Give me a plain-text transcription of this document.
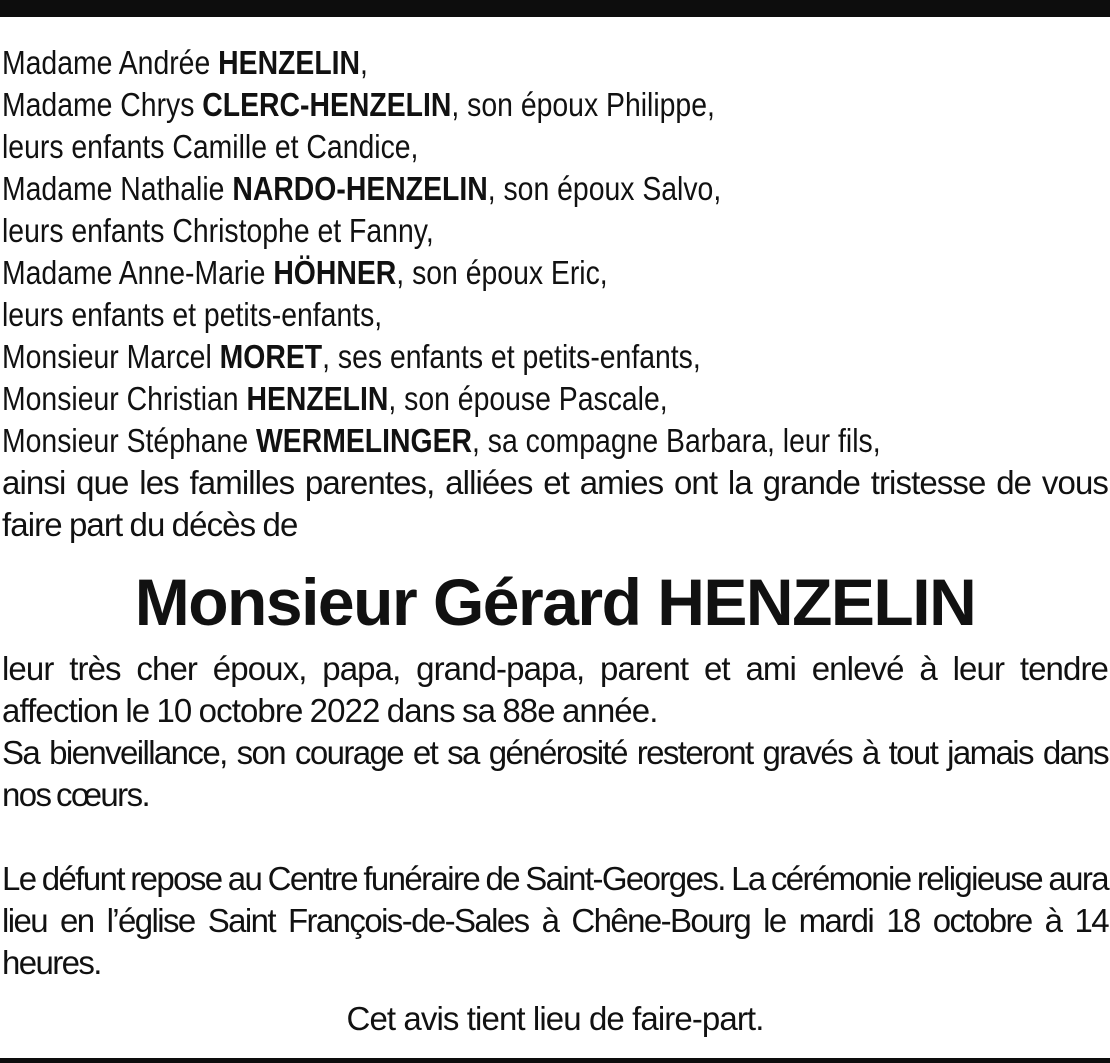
Madame Andrée HENZELIN,
Madame Chrys CLERC-HENZELIN, son époux Philippe,
leurs enfants Camille et Candice,
Madame Nathalie NARDO-HENZELIN, son époux Salvo,
leurs enfants Christophe et Fanny,
Madame Anne-Marie HÖHNER, son époux Eric,
leurs enfants et petits-enfants,
Monsieur Marcel MORET, ses enfants et petits-enfants,
Monsieur Christian HENZELIN, son épouse Pascale,
Monsieur Stéphane WERMELINGER, sa compagne Barbara, leur fils,
ainsi que les familles parentes, alliées et amies ont la grande tristesse de vous faire part du décès de
Monsieur Gérard HENZELIN
leur très cher époux, papa, grand-papa, parent et ami enlevé à leur tendre affection le 10 octobre 2022 dans sa 88e année.
Sa bienveillance, son courage et sa générosité resteront gravés à tout jamais dans nos cœurs.
Le défunt repose au Centre funéraire de Saint-Georges. La cérémonie religieuse aura lieu en l’église Saint François-de-Sales à Chêne-Bourg le mardi 18 octobre à 14 heures.
Cet avis tient lieu de faire-part.
